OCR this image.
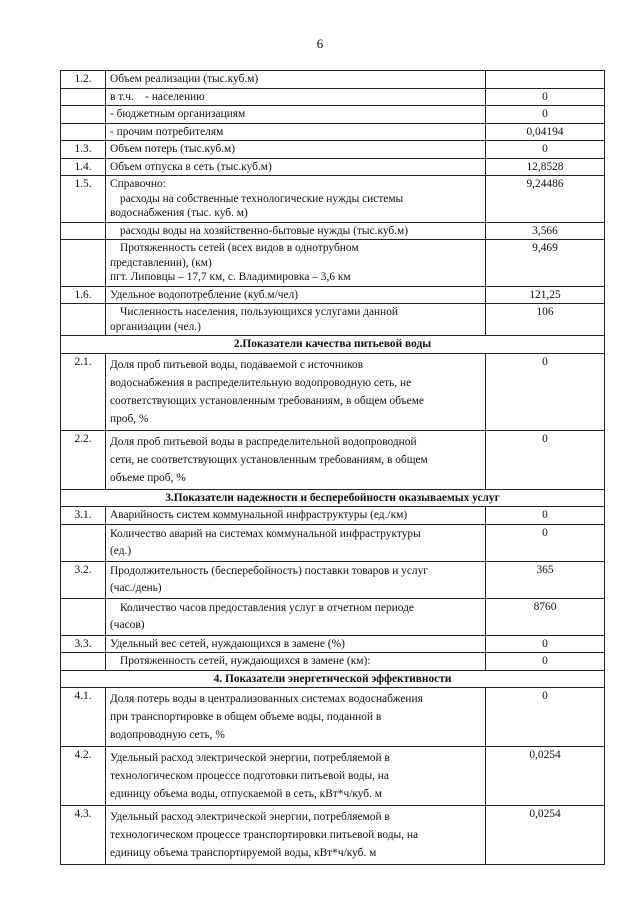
6
1.2.	Объем реализации (тыс.куб.м)	
	в т.ч. - населению	0
	- бюджетным организациям	0
	- прочим потребителям	0,04194
1.3.	Объем потерь (тыс.куб.м)	0
1.4.	Объем отпуска в сеть (тыс.куб.м)	12,8528
1.5.	Справочно:
расходы на собственные технологические нужды системы
водоснабжения (тыс. куб. м)	9,24486
	расходы воды на хозяйственно-бытовые нужды (тыс.куб.м)	3,566

	Протяженность сетей (всех видов в однотрубном
представлении), (км)
пгт. Липовцы – 17,7 км, с. Владимировка – 3,6 км	9,469
1.6.	Удельное водопотребление (куб.м/чел)	121,25

	Численность населения, пользующихся услугами данной
организации (чел.)	106
2.Показатели качества питьевой воды		
2.1.	Доля проб питьевой воды, подаваемой с источников
водоснабжения в распределительную водопроводную сеть, не
соответствующих установленным требованиям, в общем объеме
проб, %	0
2.2.	Доля проб питьевой воды в распределительной водопроводной
сети, не соответствующих установленным требованиям, в общем
объеме проб, %	0
3.Показатели надежности и бесперебойности оказываемых услуг		
3.1.	Аварийность систем коммунальной инфраструктуры (ед./км)	0

	Количество аварий на системах коммунальной инфраструктуры
(ед.)	0
3.2.	Продолжительность (бесперебойность) поставки товаров и услуг
(час./день)	365

	Количество часов предоставления услуг в отчетном периоде
(часов)	8760
3.3.	Удельный вес сетей, нуждающихся в замене (%)	0
	Протяженность сетей, нуждающихся в замене (км):	0
4. Показатели энергетической эффективности		
4.1.	Доля потерь воды в централизованных системах водоснабжения
при транспортировке в общем объеме воды, поданной в
водопроводную сеть, %	0
4.2.	Удельный расход электрической энергии, потребляемой в
технологическом процессе подготовки питьевой воды, на
единицу объема воды, отпускаемой в сеть, кВт*ч/куб. м	0,0254
4.3.	Удельный расход электрической энергии, потребляемой в
технологическом процессе транспортировки питьевой воды, на
единицу объема транспортируемой воды, кВт*ч/куб. м	0,0254
